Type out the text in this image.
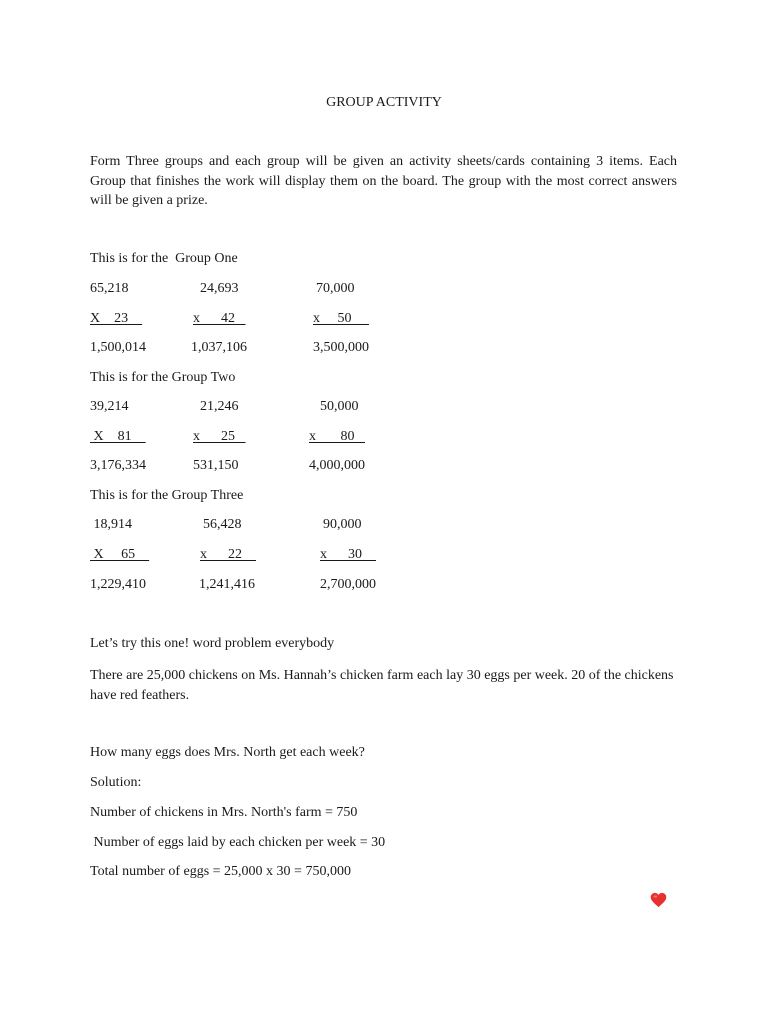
GROUP ACTIVITY
Form Three groups and each group will be given an activity sheets/cards containing 3 items. Each Group that finishes the work will display them on the board. The group with the most correct answers will be given a prize.
This is for the  Group One
65,218	24,693	70,000
X    23	x      42	x     50
1,500,014	1,037,106	3,500,000
This is for the Group Two
39,214	21,246	50,000
X    81	x      25	x       80
3,176,334	531,150	4,000,000
This is for the Group Three
18,914	56,428	90,000
X     65	x      22	x      30
1,229,410	1,241,416	2,700,000
Let’s try this one! word problem everybody
There are 25,000 chickens on Ms. Hannah’s chicken farm each lay 30 eggs per week. 20 of the chickens have red feathers.
How many eggs does Mrs. North get each week?
Solution:
Number of chickens in Mrs. North's farm = 750
Number of eggs laid by each chicken per week = 30
Total number of eggs = 25,000 x 30 = 750,000
